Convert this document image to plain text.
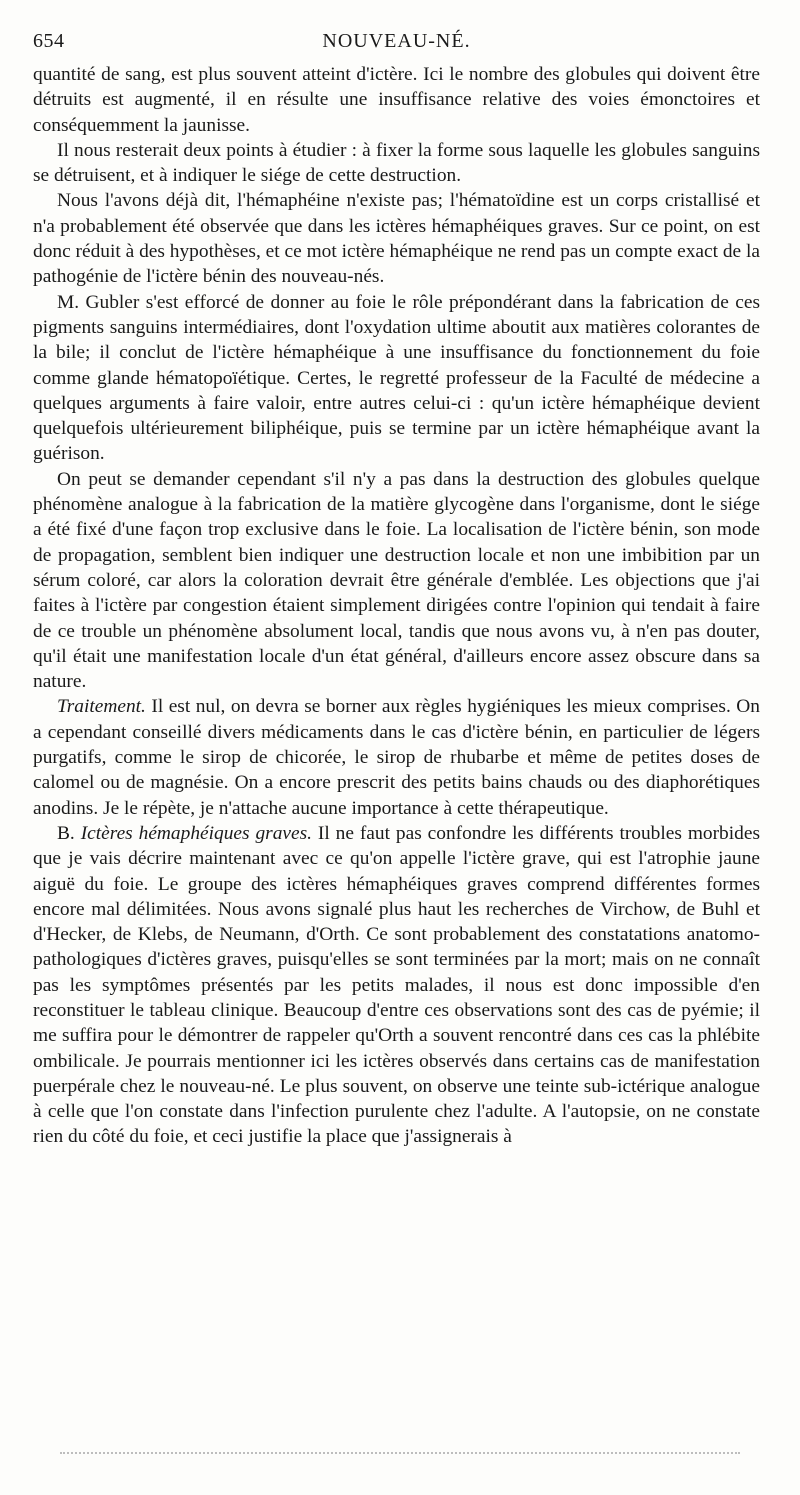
654	NOUVEAU-NÉ.

quantité de sang, est plus souvent atteint d'ictère. Ici le nombre des globules qui doivent être détruits est augmenté, il en résulte une insuffisance relative des voies émonctoires et conséquemment la jaunisse.

Il nous resterait deux points à étudier : à fixer la forme sous laquelle les globules sanguins se détruisent, et à indiquer le siége de cette destruction.

Nous l'avons déjà dit, l'hémaphéine n'existe pas; l'hématoïdine est un corps cristallisé et n'a probablement été observée que dans les ictères hémaphéiques graves. Sur ce point, on est donc réduit à des hypothèses, et ce mot ictère hémaphéique ne rend pas un compte exact de la pathogénie de l'ictère bénin des nouveau-nés.

M. Gubler s'est efforcé de donner au foie le rôle prépondérant dans la fabrication de ces pigments sanguins intermédiaires, dont l'oxydation ultime aboutit aux matières colorantes de la bile; il conclut de l'ictère hémaphéique à une insuffisance du fonctionnement du foie comme glande hématopoïétique. Certes, le regretté professeur de la Faculté de médecine a quelques arguments à faire valoir, entre autres celui-ci : qu'un ictère hémaphéique devient quelquefois ultérieurement biliphéique, puis se termine par un ictère hémaphéique avant la guérison.

On peut se demander cependant s'il n'y a pas dans la destruction des globules quelque phénomène analogue à la fabrication de la matière glycogène dans l'organisme, dont le siége a été fixé d'une façon trop exclusive dans le foie. La localisation de l'ictère bénin, son mode de propagation, semblent bien indiquer une destruction locale et non une imbibition par un sérum coloré, car alors la coloration devrait être générale d'emblée. Les objections que j'ai faites à l'ictère par congestion étaient simplement dirigées contre l'opinion qui tendait à faire de ce trouble un phénomène absolument local, tandis que nous avons vu, à n'en pas douter, qu'il était une manifestation locale d'un état général, d'ailleurs encore assez obscure dans sa nature.

Traitement. Il est nul, on devra se borner aux règles hygiéniques les mieux comprises. On a cependant conseillé divers médicaments dans le cas d'ictère bénin, en particulier de légers purgatifs, comme le sirop de chicorée, le sirop de rhubarbe et même de petites doses de calomel ou de magnésie. On a encore prescrit des petits bains chauds ou des diaphorétiques anodins. Je le répète, je n'attache aucune importance à cette thérapeutique.

B. Ictères hémaphéiques graves. Il ne faut pas confondre les différents troubles morbides que je vais décrire maintenant avec ce qu'on appelle l'ictère grave, qui est l'atrophie jaune aiguë du foie. Le groupe des ictères hémaphéiques graves comprend différentes formes encore mal délimitées. Nous avons signalé plus haut les recherches de Virchow, de Buhl et d'Hecker, de Klebs, de Neumann, d'Orth. Ce sont probablement des constatations anatomo-pathologiques d'ictères graves, puisqu'elles se sont terminées par la mort; mais on ne connaît pas les symptômes présentés par les petits malades, il nous est donc impossible d'en reconstituer le tableau clinique. Beaucoup d'entre ces observations sont des cas de pyémie; il me suffira pour le démontrer de rappeler qu'Orth a souvent rencontré dans ces cas la phlébite ombilicale. Je pourrais mentionner ici les ictères observés dans certains cas de manifestation puerpérale chez le nouveau-né. Le plus souvent, on observe une teinte sub-ictérique analogue à celle que l'on constate dans l'infection purulente chez l'adulte. A l'autopsie, on ne constate rien du côté du foie, et ceci justifie la place que j'assignerais à
